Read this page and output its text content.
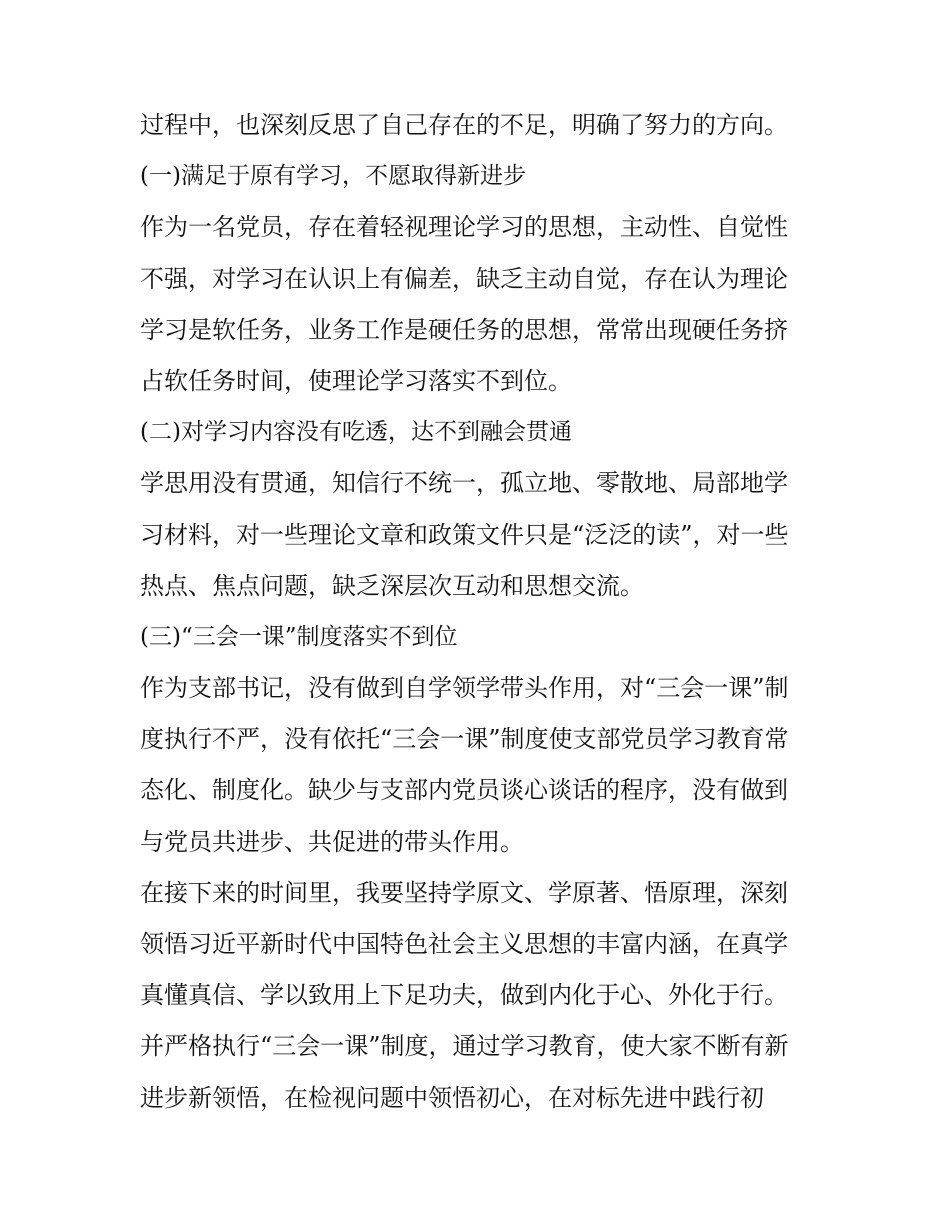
过程中，也深刻反思了自己存在的不足，明确了努力的方向。
(一)满足于原有学习，不愿取得新进步
作为一名党员，存在着轻视理论学习的思想，主动性、自觉性
不强，对学习在认识上有偏差，缺乏主动自觉，存在认为理论
学习是软任务，业务工作是硬任务的思想，常常出现硬任务挤
占软任务时间，使理论学习落实不到位。
(二)对学习内容没有吃透，达不到融会贯通
学思用没有贯通，知信行不统一，孤立地、零散地、局部地学
习材料，对一些理论文章和政策文件只是“泛泛的读”，对一些
热点、焦点问题，缺乏深层次互动和思想交流。
(三)“三会一课”制度落实不到位
作为支部书记，没有做到自学领学带头作用，对“三会一课”制
度执行不严，没有依托“三会一课”制度使支部党员学习教育常
态化、制度化。缺少与支部内党员谈心谈话的程序，没有做到
与党员共进步、共促进的带头作用。
在接下来的时间里，我要坚持学原文、学原著、悟原理，深刻
领悟习近平新时代中国特色社会主义思想的丰富内涵，在真学
真懂真信、学以致用上下足功夫，做到内化于心、外化于行。
并严格执行“三会一课”制度，通过学习教育，使大家不断有新
进步新领悟，在检视问题中领悟初心，在对标先进中践行初
